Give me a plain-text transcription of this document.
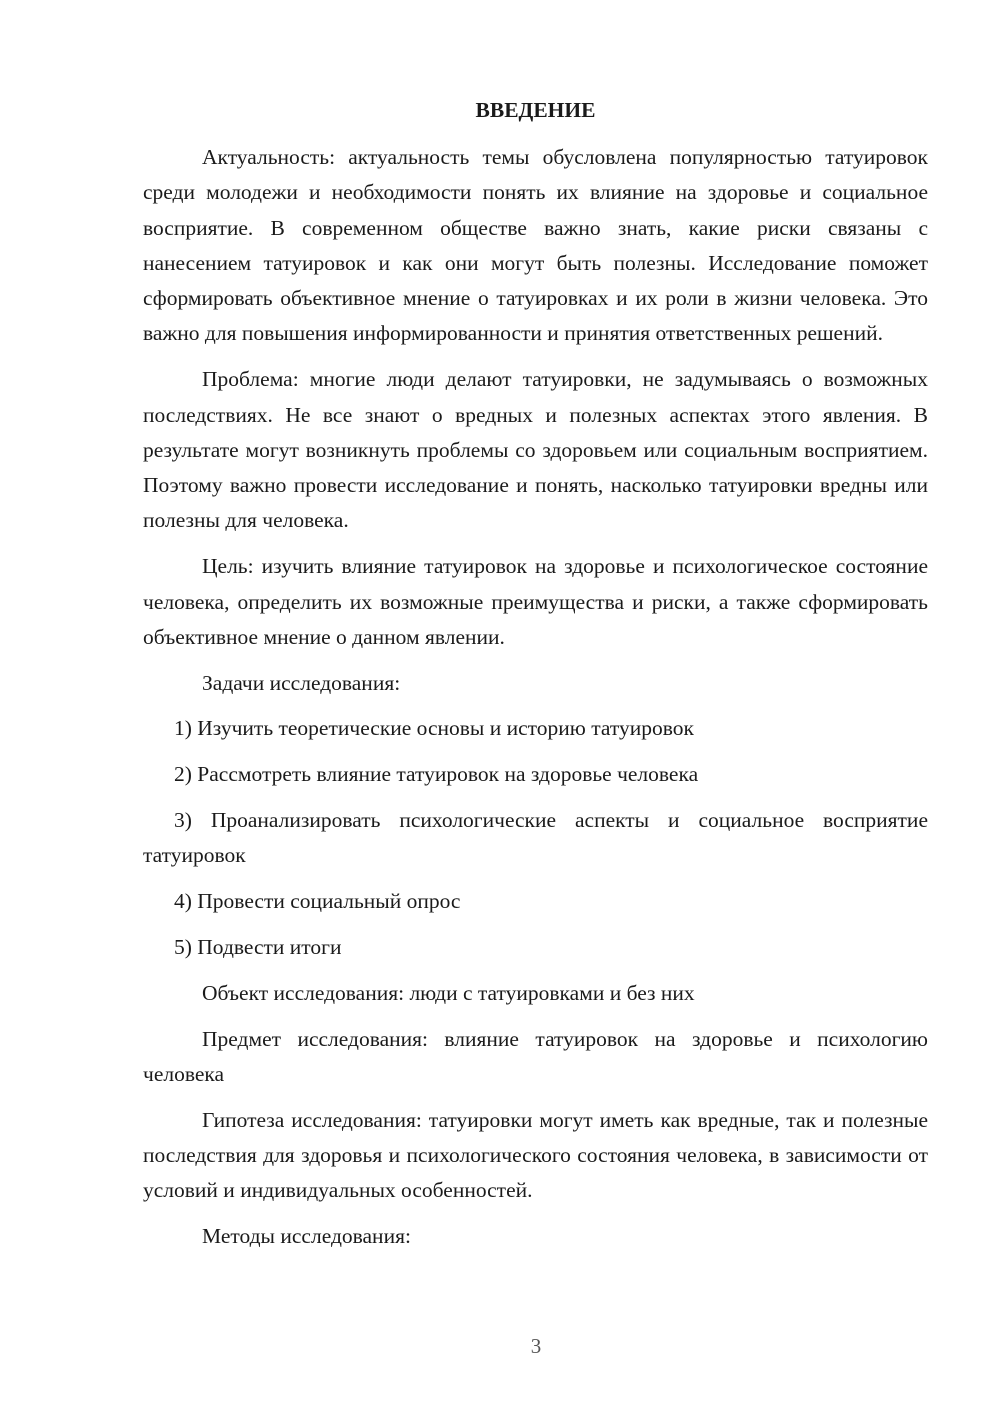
ВВЕДЕНИЕ

Актуальность: актуальность темы обусловлена популярностью татуировок среди молодежи и необходимости понять их влияние на здоровье и социальное восприятие. В современном обществе важно знать, какие риски связаны с нанесением татуировок и как они могут быть полезны. Исследование поможет сформировать объективное мнение о татуировках и их роли в жизни человека. Это важно для повышения информированности и принятия ответственных решений.

Проблема: многие люди делают татуировки, не задумываясь о возможных последствиях. Не все знают о вредных и полезных аспектах этого явления. В результате могут возникнуть проблемы со здоровьем или социальным восприятием. Поэтому важно провести исследование и понять, насколько татуировки вредны или полезны для человека.

Цель: изучить влияние татуировок на здоровье и психологическое состояние человека, определить их возможные преимущества и риски, а также сформировать объективное мнение о данном явлении.

Задачи исследования:

1) Изучить теоретические основы и историю татуировок

2) Рассмотреть влияние татуировок на здоровье человека

3) Проанализировать психологические аспекты и социальное восприятие татуировок

4) Провести социальный опрос

5) Подвести итоги

Объект исследования: люди с татуировками и без них

Предмет исследования: влияние татуировок на здоровье и психологию человека

Гипотеза исследования: татуировки могут иметь как вредные, так и полезные последствия для здоровья и психологического состояния человека, в зависимости от условий и индивидуальных особенностей.

Методы исследования:

3
